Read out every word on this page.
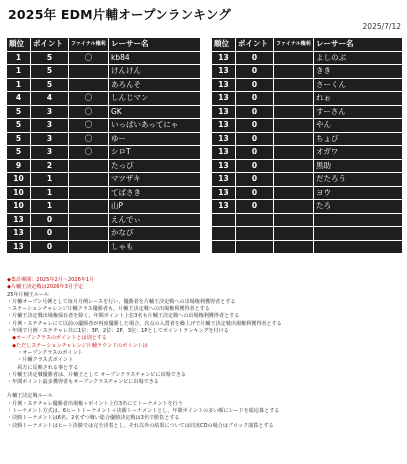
2025年 EDM片輔オープンランキング
2025/7/12
順位	ポイント	ファイナル権利	レーサー名
1	5	〇	kb84
1	5		けんけん
1	5		あろんそ
4	4	〇	しんじマン
5	3	〇	GK
5	3	〇	いっぱいあってにゃ
5	3	〇	ゆー
5	3	〇	シロT
9	2		たっぴ
10	1		マツザキ
10	1		てばさき
10	1		山P
13	0		えんでぃ
13	0		かなび
13	0		しゃも
順位	ポイント	ファイナル権利	レーサー名
13	0		よしのぶ
13	0		きき
13	0		さーくん
13	0		れぉ
13	0		すーさん
13	0		やん
13	0		ちょび
13	0		オガワ
13	0		黒助
13	0		だたろう
13	0		ヨウ
13	0		たろ

◆集計期間：2025年2月～2026年1月
◆片輔王決定戦は2026年3月予定
25年片輔王ルール
・片輔オープン月例として毎月月例レースを行い、優勝者を片輔王決定戦への出場権利獲得者とする
・ステーションチャレンジ片輔クラス優勝者も、片輔王決定戦への出場権利獲得者とする
・片輔王決定戦出場権保有者を除く、年間ポイント上位3名も片輔王決定戦への出場権利獲得者とする
・月例・ステチャレにて以前の優勝者が再度優勝した場合、次点の入賞者を繰上げで片輔王決定戦出場権利獲得者とする
・年間で月例・ステチャレ共に1位：3P、2位：2P、3位：1Pとしてポイントランキングを付ける
　◆オープンクラスのポイントとは別とする
　◆ただしステーションチャレンジ片輔ラウンドのポイントは
　　・オープンクラスのポイント
　　・片輔クラス式ポイント
　　両方に反映される事とする
・片輔王決定戦優勝者は、片輔王として オープンクラスチャンピに出場できる
・年間ポイント最多獲得者もオープンクラスチャンピに出場できる
片輔王決定戦ルール
・月例・ステチャレ優勝者出場権＋ポイント上位3名にてトーナメントを行う
・トーナメント方式は、6ヒートトーナメント＋決勝トーナメントとし、年間ポイントの多い順にシードを総応募とする
・決勝トーナメントは6名、2名ずつ戦い総合優勝決定戦は3名で勝負とする
・決勝トーナメントはヒート決勝では完全決着とし、それ以外の結果については同実CDの場合はブロック演算とする
